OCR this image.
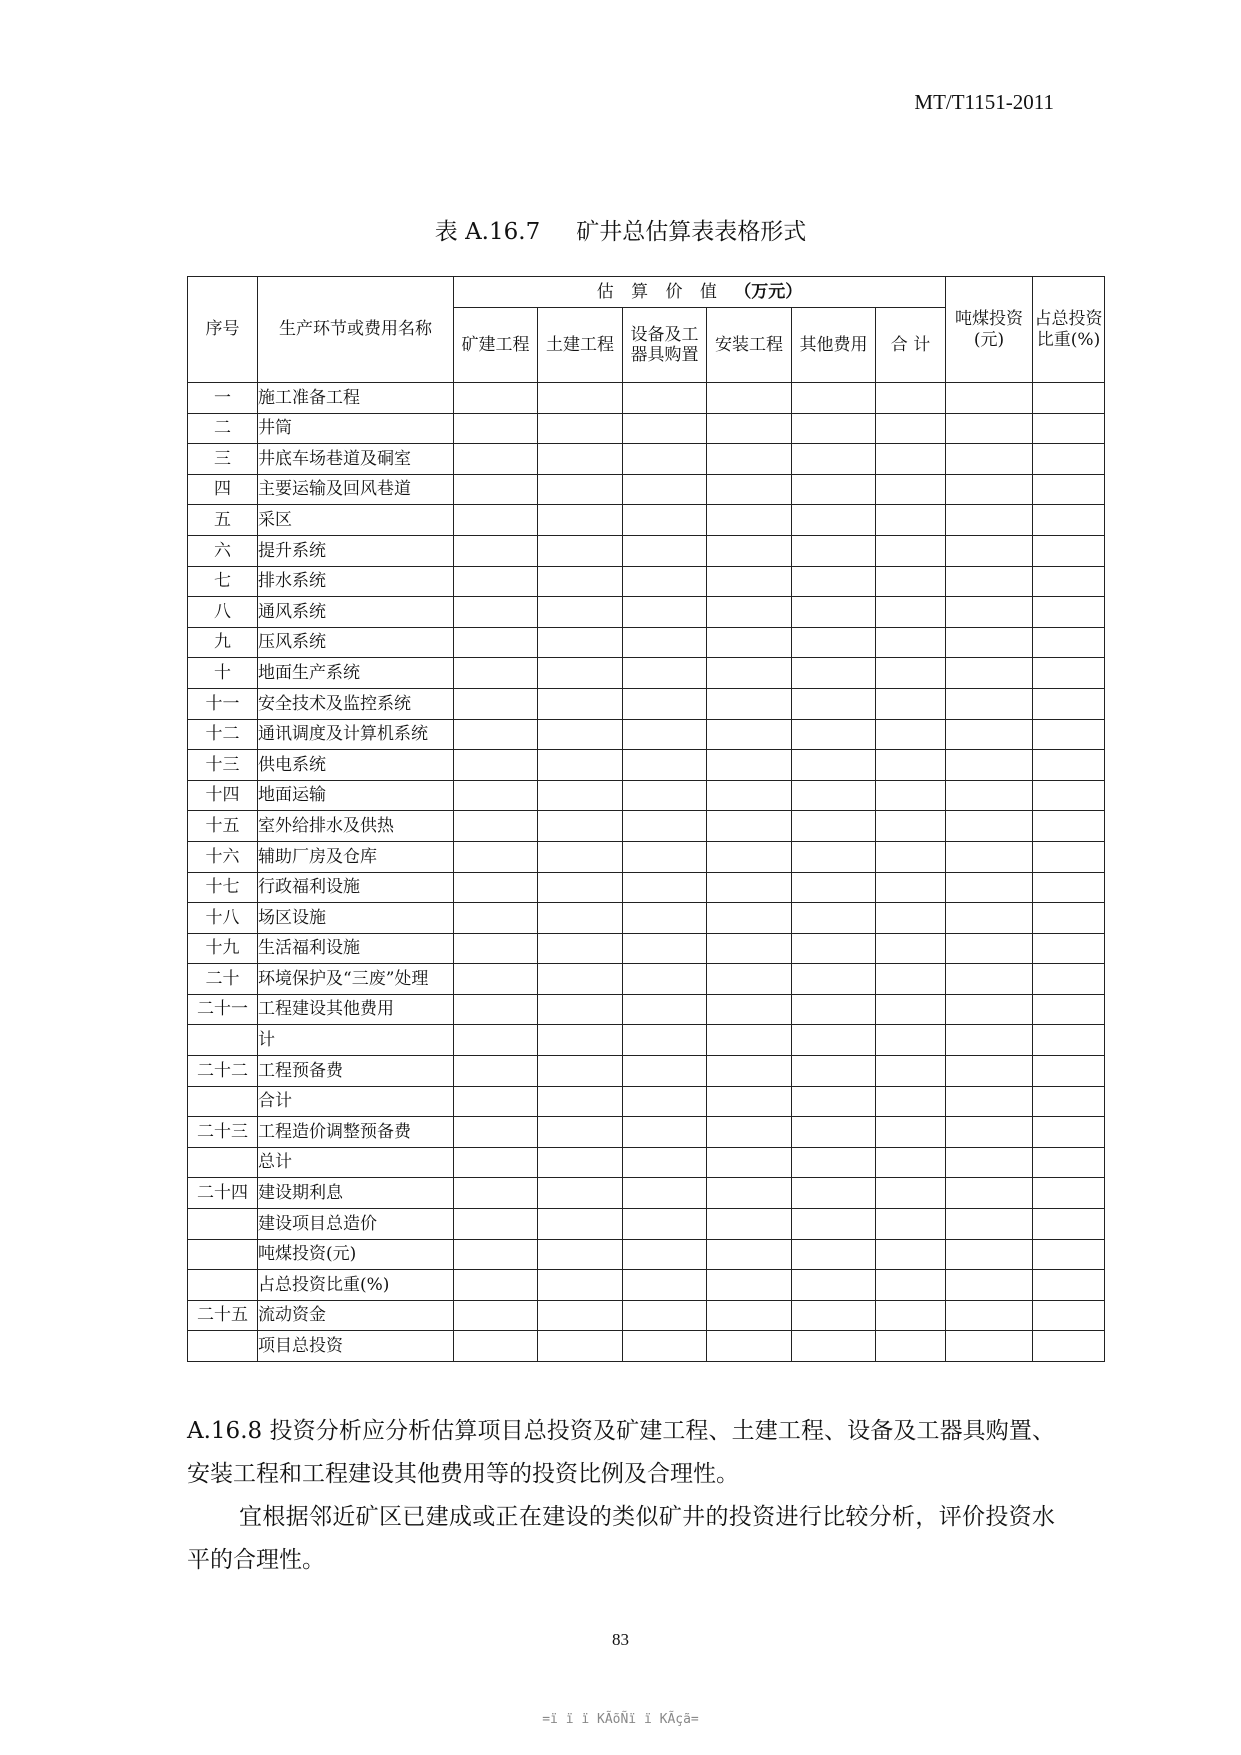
MT/T1151-2011
表 A.16.7 矿井总估算表表格形式
序号	生产环节或费用名称	估 算 价 值 （万元）						吨煤投资(元)	占总投资比重(%)
		矿建工程	土建工程	设备及工器具购置	安装工程	其他费用	合 计		
一	施工准备工程								
二	井筒								
三	井底车场巷道及硐室								
四	主要运输及回风巷道								
五	采区								
六	提升系统								
七	排水系统								
八	通风系统								
九	压风系统								
十	地面生产系统								
十一	安全技术及监控系统								
十二	通讯调度及计算机系统								
十三	供电系统								
十四	地面运输								
十五	室外给排水及供热								
十六	辅助厂房及仓库								
十七	行政福利设施								
十八	场区设施								
十九	生活福利设施								
二十	环境保护及“三废”处理								
二十一	工程建设其他费用								
	计								
二十二	工程预备费								
	合计								
二十三	工程造价调整预备费								
	总计								
二十四	建设期利息								
	建设项目总造价								
	吨煤投资(元)								
	占总投资比重(%)								
二十五	流动资金								
	项目总投资								
A.16.8 投资分析应分析估算项目总投资及矿建工程、土建工程、设备及工器具购置、安装工程和工程建设其他费用等的投资比例及合理性。
宜根据邻近矿区已建成或正在建设的类似矿井的投资进行比较分析，评价投资水平的合理性。
83
=ï ï ï KÃõÑï ï KÃçã=
